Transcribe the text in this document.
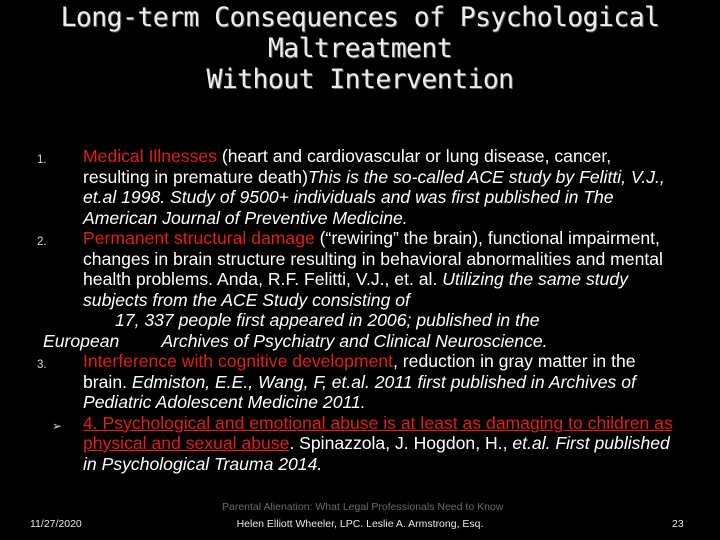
Long-term Consequences of Psychological
Maltreatment
Without Intervention
1. Medical Illnesses (heart and cardiovascular or lung disease, cancer, resulting in premature death)This is the so-called ACE study by Felitti, V.J., et.al 1998. Study of 9500+ individuals and was first published in The American Journal of Preventive Medicine.
2. Permanent structural damage (“rewiring” the brain), functional impairment, changes in brain structure resulting in behavioral abnormalities and mental health problems. Anda, R.F. Felitti, V.J., et. al. Utilizing the same study subjects from the ACE Study consisting of
17, 337 people first appeared in 2006; published in the
European Archives of Psychiatry and Clinical Neuroscience.
3. Interference with cognitive development, reduction in gray matter in the brain. Edmiston, E.E., Wang, F, et.al. 2011 first published in Archives of Pediatric Adolescent Medicine 2011.
➢ 4. Psychological and emotional abuse is at least as damaging to children as physical and sexual abuse. Spinazzola, J. Hogdon, H., et.al. First published in Psychological Trauma 2014.
Parental Alienation: What Legal Professionals Need to Know
11/27/2020	Helen Elliott Wheeler, LPC. Leslie A. Armstrong, Esq.	23
